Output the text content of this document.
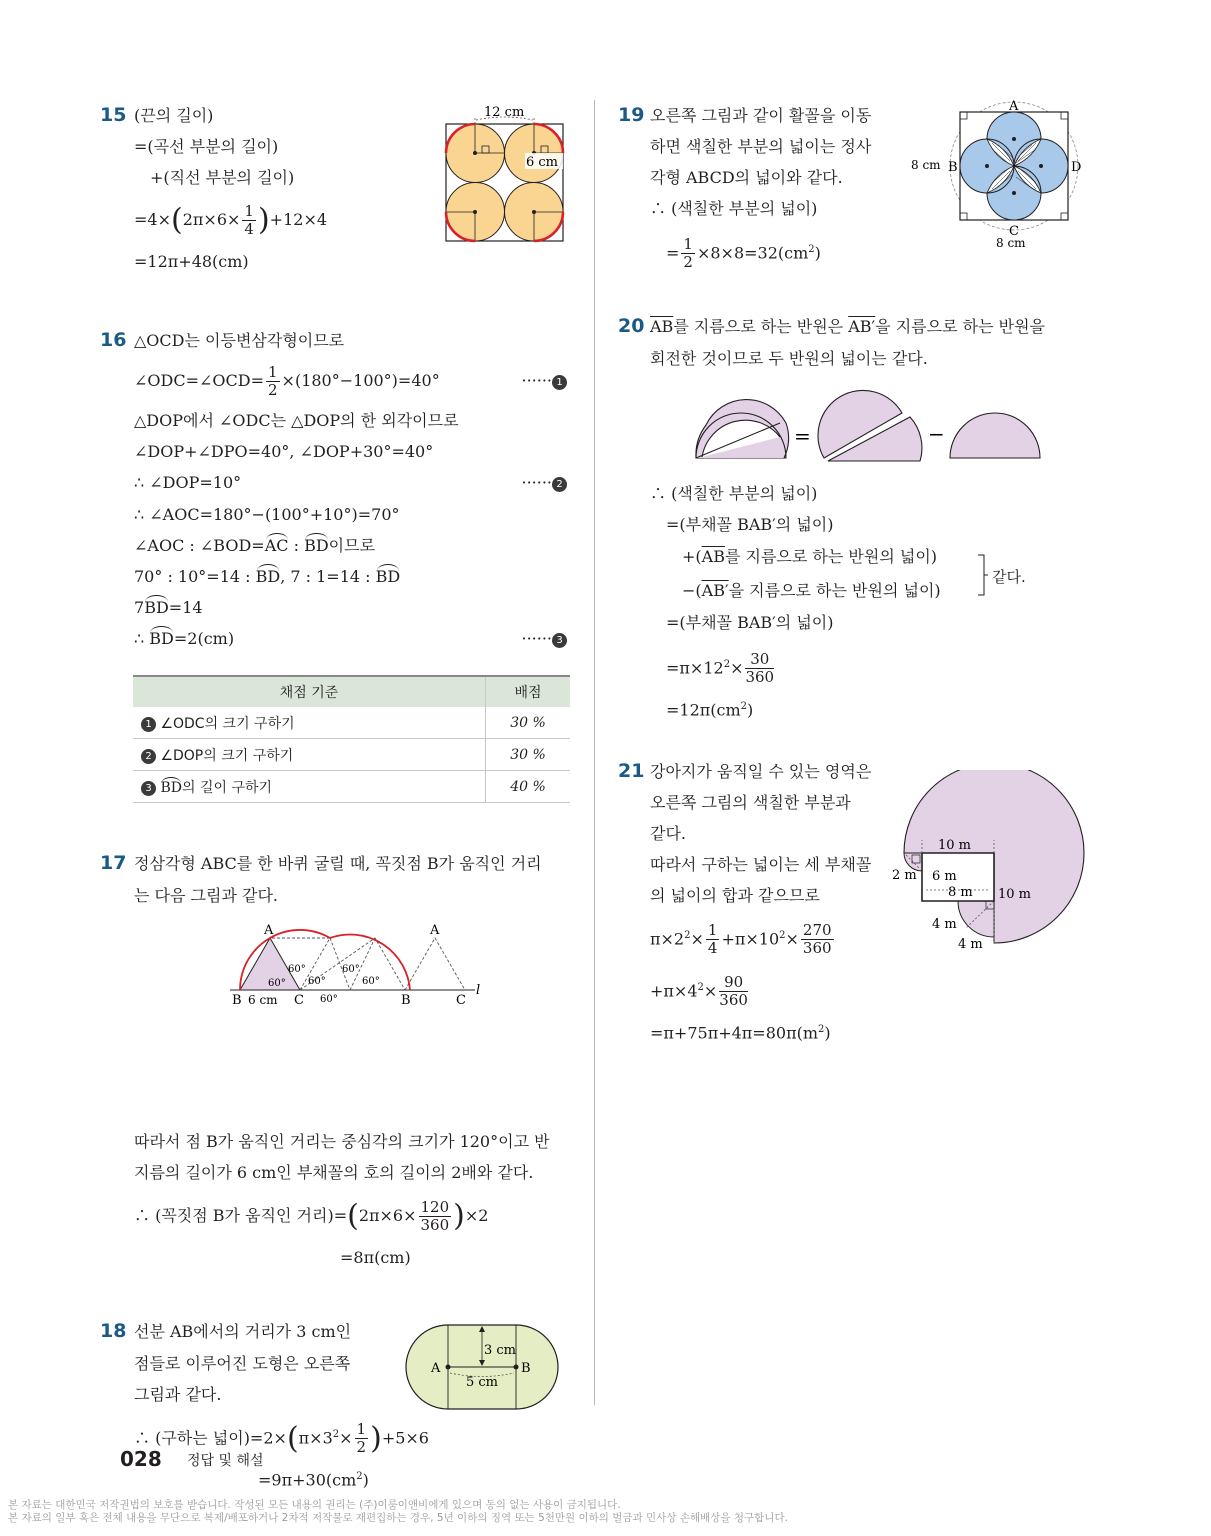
15 (끈의 길이)
=(곡선 부분의 길이)
+(직선 부분의 길이)
$=4\times(2\pi\times 6\times \frac{1}{4} )+12\times 4$
=12π+48(cm)
12 cm
6 cm
16 △OCD는 이등변삼각형이므로
∠ODC=∠OCD= $\frac{1}{2} \times(180^\circ-100^\circ)=40^\circ$	······ 1
△DOP에서 ∠ODC는 △DOP의 한 외각이므로
∠DOP+∠DPO=40°, ∠DOP+30°=40°
∴ ∠DOP=10°	······ 2
∴ ∠AOC=180°−(100°+10°)=70°
∠AOC : ∠BOD=AC : BD이므로
70° : 10°=14 : BD, 7 : 1=14 : BD
7BD=14
∴ BD=2(cm)	······ 3
채점 기준	배점
1 ∠ODC의 크기 구하기	30 %
2 ∠DOP의 크기 구하기	30 %
3 BD의 길이 구하기	40 %
17 정삼각형 ABC를 한 바퀴 굴릴 때, 꼭짓점 B가 움직인 거리
는 다음 그림과 같다.
A	A
B	C	B	C
l
6 cm
60°
60°
60°
60°
60°
60°
따라서 점 B가 움직인 거리는 중심각의 크기가 120°이고 반
지름의 길이가 6 cm인 부채꼴의 호의 길이의 2배와 같다.
∴ (꼭짓점 B가 움직인 거리)$=(2\pi\times 6\times \frac{120}{360} )\times 2$
=8π(cm)
18 선분 AB에서의 거리가 3 cm인
점들로 이루어진 도형은 오른쪽
그림과 같다.
∴ (구하는 넓이)$=2\times(\pi\times 3^2\times \frac{1}{2} )+5\times 6$
$=9\pi+30(cm^2)$
A	B
3 cm
5 cm
19 오른쪽 그림과 같이 활꼴을 이동
하면 색칠한 부분의 넓이는 정사
각형 ABCD의 넓이와 같다.
∴ (색칠한 부분의 넓이)
= $\frac{1}{2} \times 8\times 8=32(cm^2)$
A
B
C
D
8 cm
8 cm
20 $\overline{AB}$를 지름으로 하는 반원은 AB′을 지름으로 하는 반원을
회전한 것이므로 두 반원의 넓이는 같다.
=	−
∴ (색칠한 부분의 넓이)
=(부채꼴 BAB′의 넓이)
$+(\overline{AB}$를 지름으로 하는 반원의 넓이)
−(AB′을 지름으로 하는 반원의 넓이)
같다.
=(부채꼴 BAB′의 넓이)
$=\pi\times 12^2\times \frac{30}{360}$
$=12\pi(cm^2)$
21 강아지가 움직일 수 있는 영역은
오른쪽 그림의 색칠한 부분과
같다.
따라서 구하는 넓이는 세 부채꼴
의 넓이의 합과 같으므로
$\pi\times 2^2\times \frac{1}{4} +\pi\times 10^2\times \frac{270}{360}$
$+\pi\times 4^2\times \frac{90}{360}$
$=\pi+75\pi+4\pi=80\pi(m^2)$
10 m
2 m 6 m
8 m 10 m
4 m
4 m
028 정답 및 해설
본 자료는 대한민국 저작권법의 보호를 받습니다. 작성된 모든 내용의 권리는 (주)이룸이앤비에게 있으며 동의 없는 사용이 금지됩니다.
본 자료의 일부 혹은 전체 내용을 무단으로 복제/배포하거나 2차적 저작물로 재편집하는 경우, 5년 이하의 징역 또는 5천만원 이하의 벌금과 민사상 손해배상을 청구합니다.
